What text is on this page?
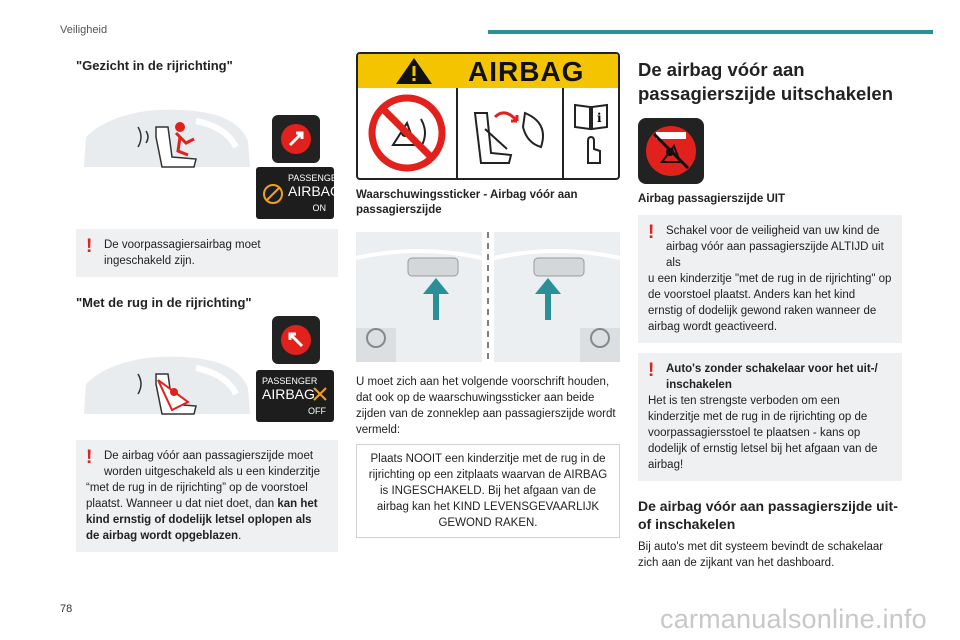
Veiligheid
"Gezicht in de rijrichting"
PASSENGER
AIRBAG
ON
! De voorpassagiersairbag moet ingeschakeld zijn.
"Met de rug in de rijrichting"
PASSENGER
AIRBAG
OFF
!	De airbag vóór aan passagierszijde moet worden uitgeschakeld als u een kinderzitje
“met de rug in de rijrichting” op de voorstoel plaatst. Wanneer u dat niet doet, dan kan het kind ernstig of dodelijk letsel oplopen als de airbag wordt opgeblazen.
AIRBAG
i
Waarschuwingssticker - Airbag vóór aan passagierszijde
U moet zich aan het volgende voorschrift houden, dat ook op de waarschuwingssticker aan beide zijden van de zonneklep aan passagierszijde wordt vermeld:
Plaats NOOIT een kinderzitje met de rug in de rijrichting op een zitplaats waarvan de AIRBAG is INGESCHAKELD. Bij het afgaan van de airbag kan het KIND LEVENSGEVAARLIJK GEWOND RAKEN.
De airbag vóór aan passagierszijde uitschakelen
Airbag passagierszijde UIT
!	Schakel voor de veiligheid van uw kind de airbag vóór aan passagierszijde ALTIJD uit als
u een kinderzitje "met de rug in de rijrichting" op de voorstoel plaatst. Anders kan het kind ernstig of dodelijk gewond raken wanneer de airbag wordt geactiveerd.
!	Auto's zonder schakelaar voor het uit-/ inschakelen
Het is ten strengste verboden om een kinderzitje met de rug in de rijrichting op de voorpassagiersstoel te plaatsen - kans op dodelijk of ernstig letsel bij het afgaan van de airbag!
De airbag vóór aan passagierszijde uit- of inschakelen
Bij auto's met dit systeem bevindt de schakelaar zich aan de zijkant van het dashboard.
78	carmanualsonline.info
